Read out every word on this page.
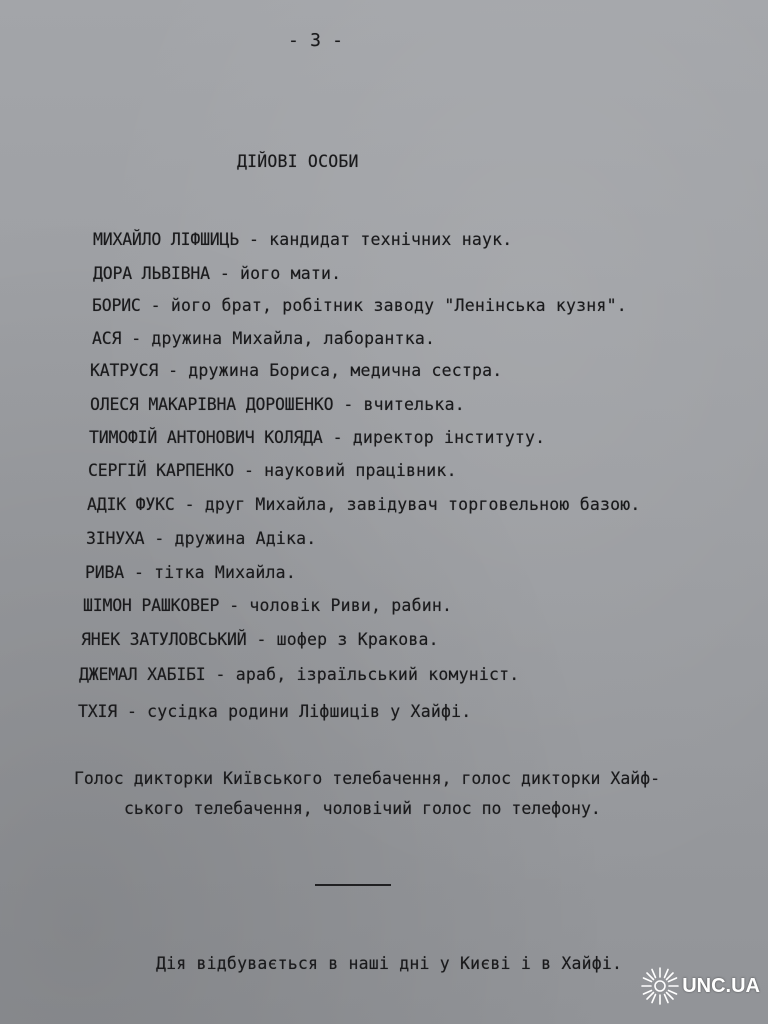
- 3 -
ДІЙОВІ ОСОБИ
МИХАЙЛО ЛІФШИЦЬ - кандидат технічних наук.
ДОРА ЛЬВІВНА - його мати.
БОРИС - його брат, робітник заводу "Ленінська кузня".
АСЯ - дружина Михайла, лаборантка.
КАТРУСЯ - дружина Бориса, медична сестра.
ОЛЕСЯ МАКАРІВНА ДОРОШЕНКО - вчителька.
ТИМОФІЙ АНТОНОВИЧ КОЛЯДА - директор інституту.
СЕРГІЙ КАРПЕНКО - науковий працівник.
АДІК ФУКС - друг Михайла, завідувач торговельною базою.
ЗІНУХА - дружина Адіка.
РИВА - тітка Михайла.
ШІМОН РАШКОВЕР - чоловік Риви, рабин.
ЯНЕК ЗАТУЛОВСЬКИЙ - шофер з Кракова.
ДЖЕМАЛ ХАБІБІ - араб, ізраїльський комуніст.
ТХІЯ - сусідка родини Ліфшиців у Хайфі.
Голос дикторки Київського телебачення, голос дикторки Хайф-
ського телебачення, чоловічий голос по телефону.
Дія відбувається в наші дні у Києві і в Хайфі.
UNC.UA
